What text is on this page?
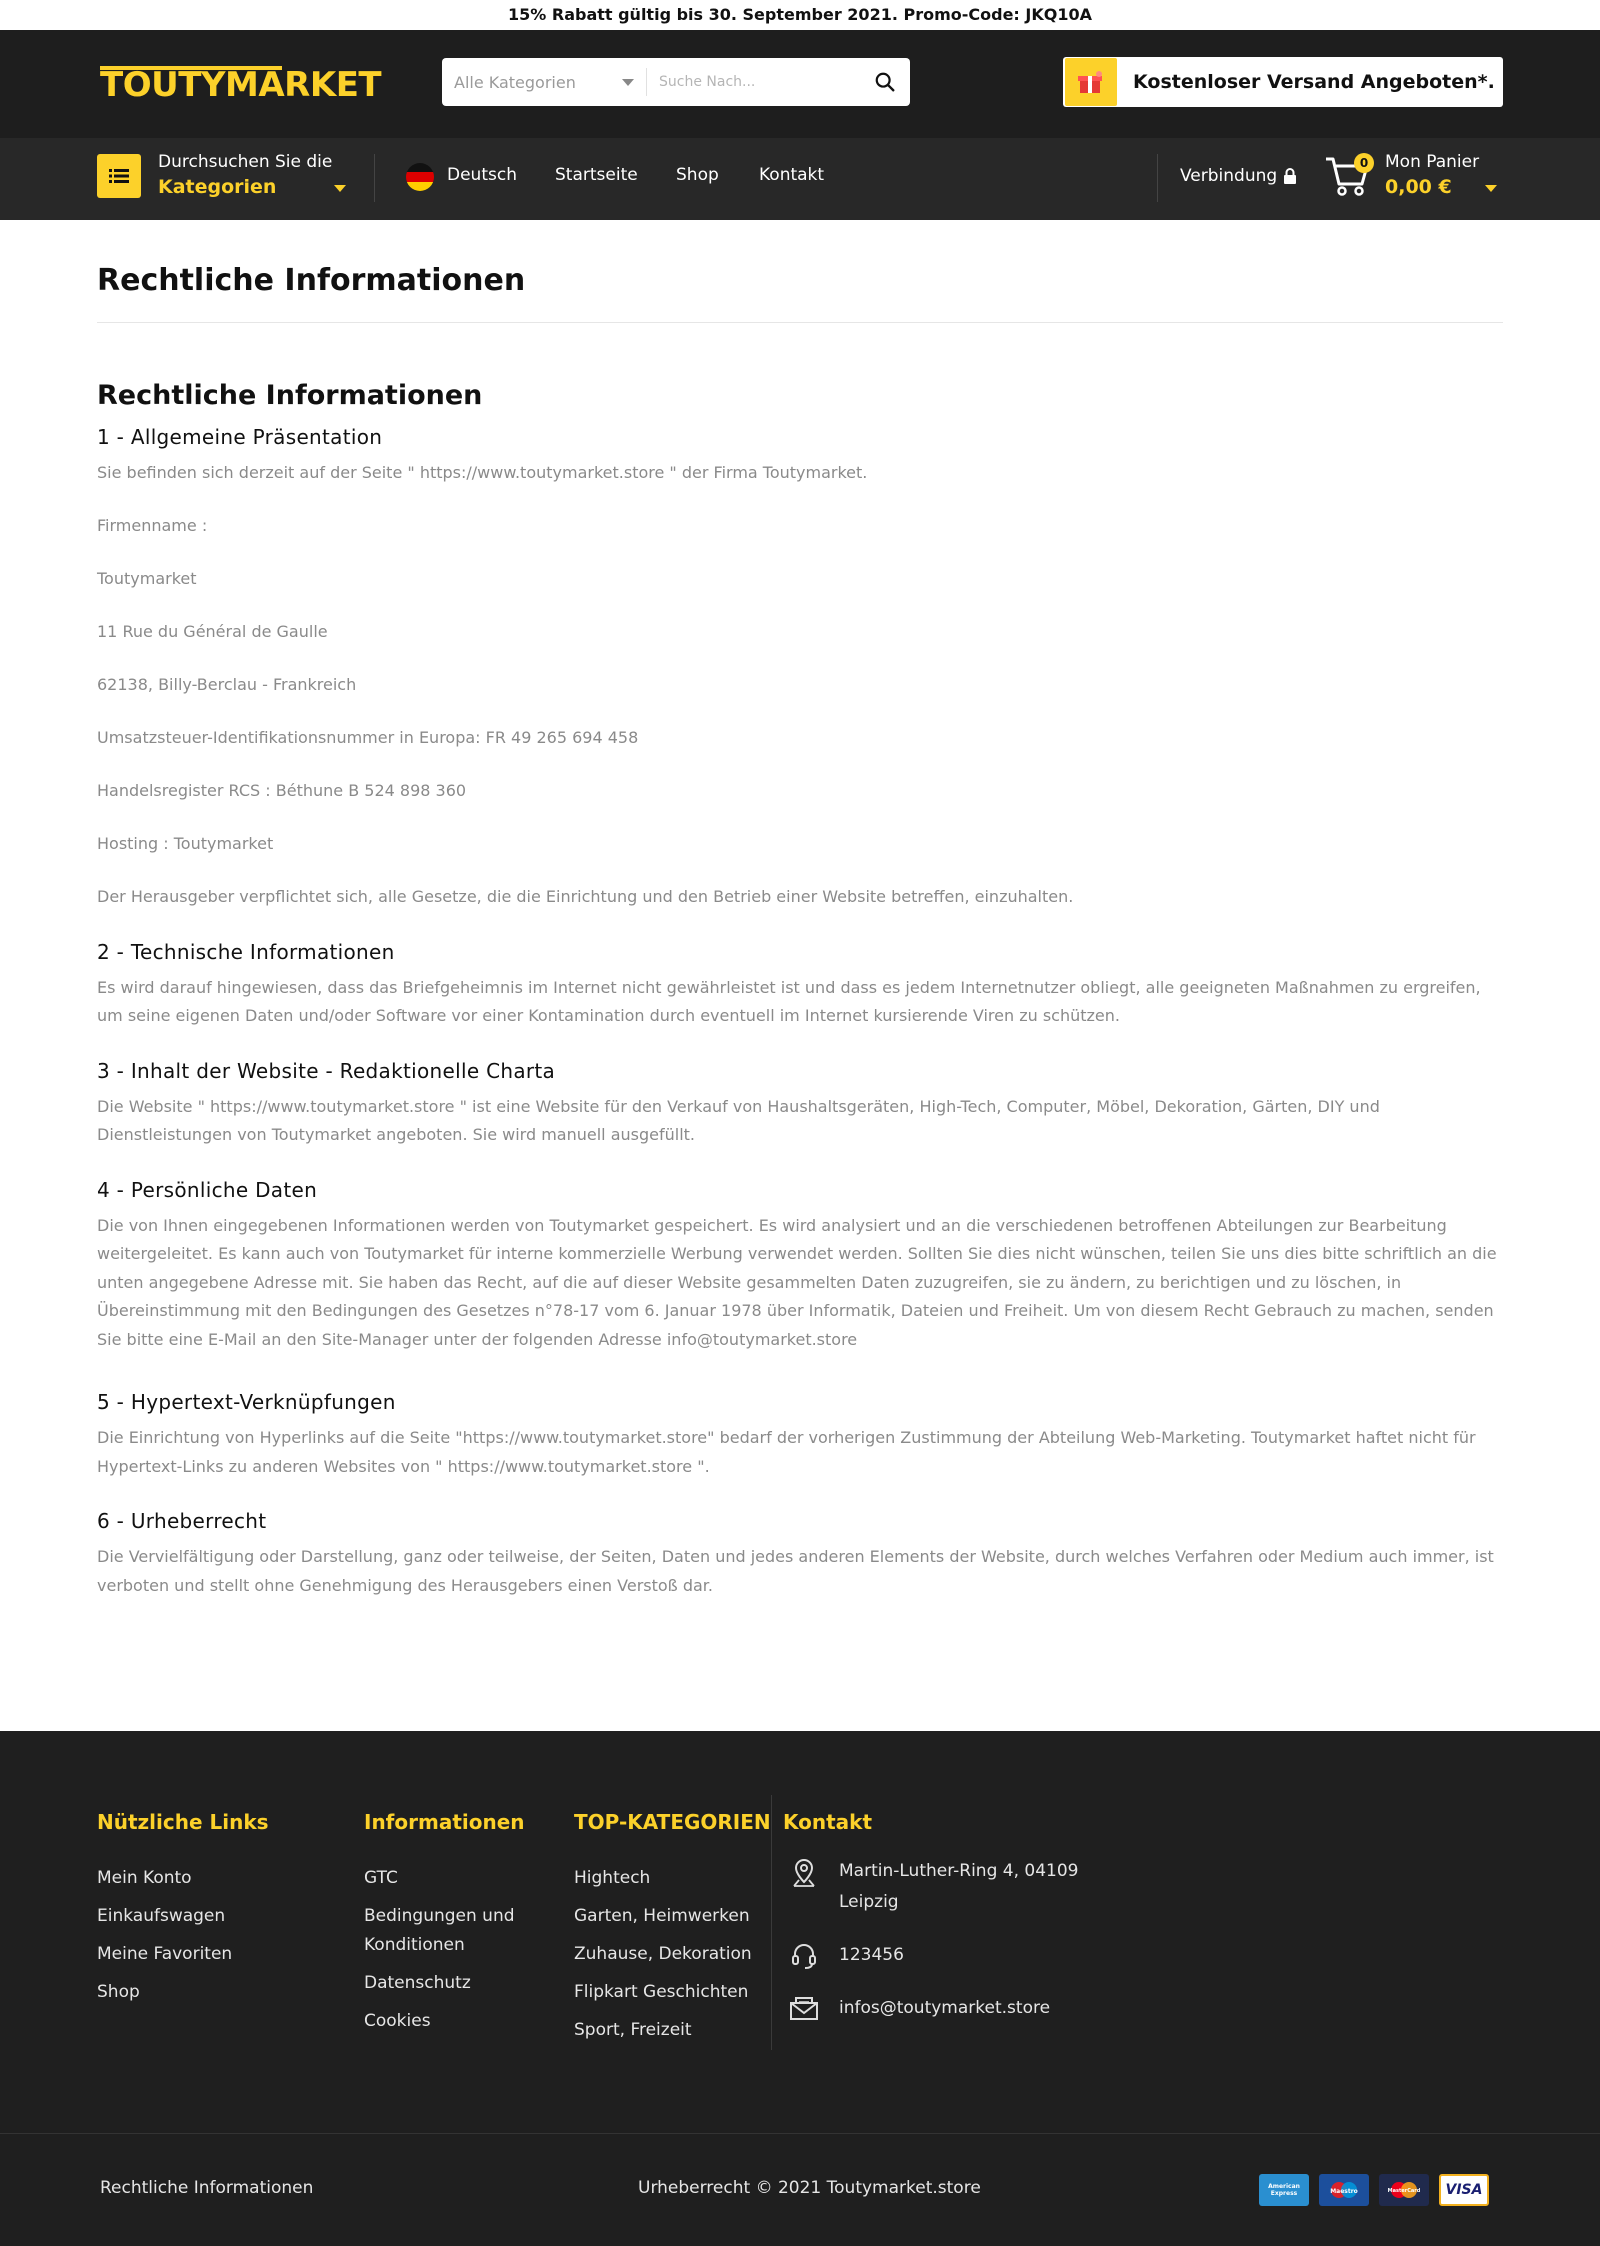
15% Rabatt gültig bis 30. September 2021. Promo-Code: JKQ10A
TOUTYMARKET	Alle Kategorien
Suche Nach...	Kostenloser Versand Angeboten*.
Durchsuchen Sie die
Kategorien
Deutsch Startseite Shop Kontakt	Verbindung
0 Mon Panier
0,00 €
Rechtliche Informationen
Rechtliche Informationen
1 - Allgemeine Präsentation

Sie befinden sich derzeit auf der Seite " https://www.toutymarket.store " der Firma Toutymarket.

Firmenname :

Toutymarket

11 Rue du Général de Gaulle

62138, Billy-Berclau - Frankreich

Umsatzsteuer-Identifikationsnummer in Europa: FR 49 265 694 458

Handelsregister RCS : Béthune B 524 898 360

Hosting : Toutymarket

Der Herausgeber verpflichtet sich, alle Gesetze, die die Einrichtung und den Betrieb einer Website betreffen, einzuhalten.

2 - Technische Informationen

Es wird darauf hingewiesen, dass das Briefgeheimnis im Internet nicht gewährleistet ist und dass es jedem Internetnutzer obliegt, alle geeigneten Maßnahmen zu ergreifen, um seine eigenen Daten und/oder Software vor einer Kontamination durch eventuell im Internet kursierende Viren zu schützen.

3 - Inhalt der Website - Redaktionelle Charta

Die Website " https://www.toutymarket.store " ist eine Website für den Verkauf von Haushaltsgeräten, High-Tech, Computer, Möbel, Dekoration, Gärten, DIY und Dienstleistungen von Toutymarket angeboten. Sie wird manuell ausgefüllt.

4 - Persönliche Daten

Die von Ihnen eingegebenen Informationen werden von Toutymarket gespeichert. Es wird analysiert und an die verschiedenen betroffenen Abteilungen zur Bearbeitung weitergeleitet. Es kann auch von Toutymarket für interne kommerzielle Werbung verwendet werden. Sollten Sie dies nicht wünschen, teilen Sie uns dies bitte schriftlich an die unten angegebene Adresse mit. Sie haben das Recht, auf die auf dieser Website gesammelten Daten zuzugreifen, sie zu ändern, zu berichtigen und zu löschen, in Übereinstimmung mit den Bedingungen des Gesetzes n°78-17 vom 6. Januar 1978 über Informatik, Dateien und Freiheit. Um von diesem Recht Gebrauch zu machen, senden Sie bitte eine E-Mail an den Site-Manager unter der folgenden Adresse info@toutymarket.store

5 - Hypertext-Verknüpfungen

Die Einrichtung von Hyperlinks auf die Seite "https://www.toutymarket.store" bedarf der vorherigen Zustimmung der Abteilung Web-Marketing. Toutymarket haftet nicht für Hypertext-Links zu anderen Websites von " https://www.toutymarket.store ".

6 - Urheberrecht

Die Vervielfältigung oder Darstellung, ganz oder teilweise, der Seiten, Daten und jedes anderen Elements der Website, durch welches Verfahren oder Medium auch immer, ist verboten und stellt ohne Genehmigung des Herausgebers einen Verstoß dar.

Nützliche Links
Mein Konto
Einkaufswagen
Meine Favoriten
Shop
Informationen
GTC
Bedingungen und Konditionen
Datenschutz
Cookies
TOP-KATEGORIEN
Hightech
Garten, Heimwerken
Zuhause, Dekoration
Flipkart Geschichten
Sport, Freizeit
Kontakt
Martin-Luther-Ring 4, 04109
Leipzig
123456
infos@toutymarket.store
Rechtliche Informationen	Urheberrecht © 2021 Toutymarket.store	American Express	Maestro	MasterCard VISA
